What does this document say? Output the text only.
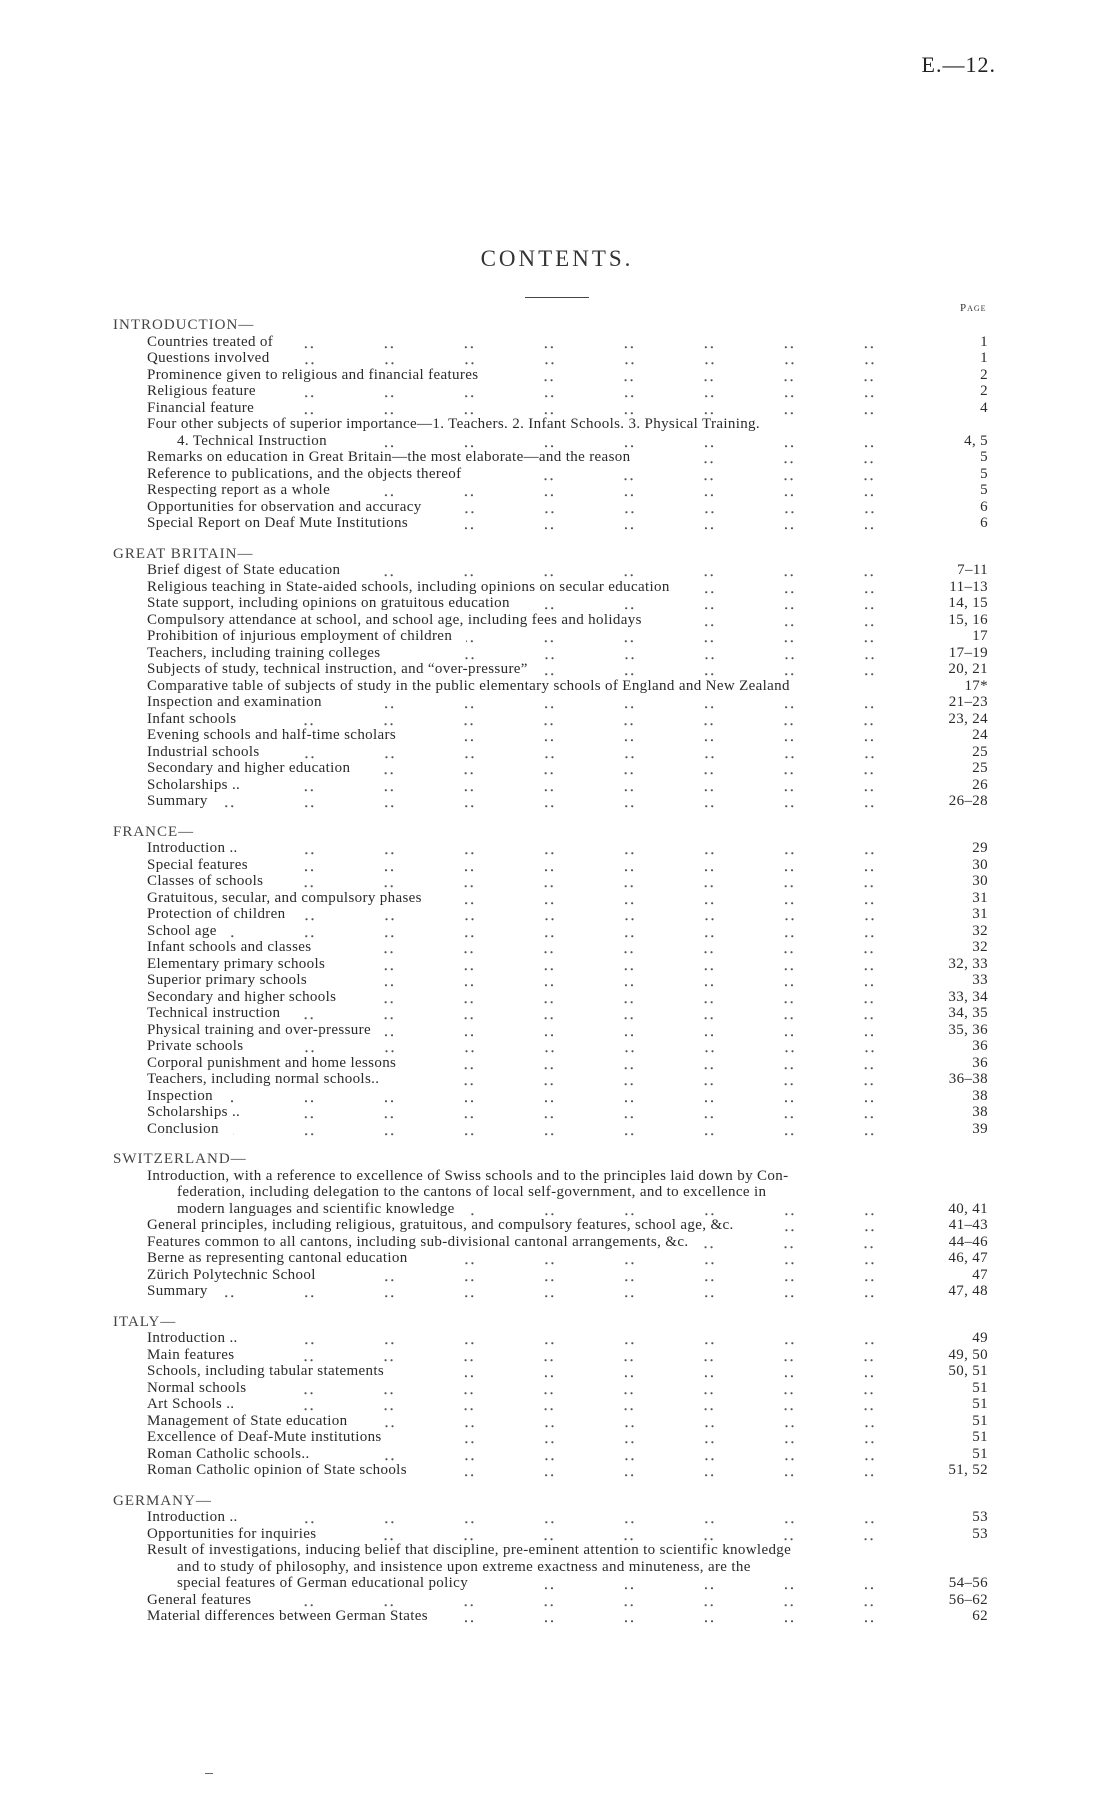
E.—12.
CONTENTS.
Page
INTRODUCTION—
Countries treated of	1
Questions involved	1
Prominence given to religious and financial features	2
Religious feature	2
Financial feature	4
Four other subjects of superior importance—1. Teachers. 2. Infant Schools. 3. Physical Training.
4. Technical Instruction	4, 5
Remarks on education in Great Britain—the most elaborate—and the reason	5
Reference to publications, and the objects thereof	5
Respecting report as a whole	5
Opportunities for observation and accuracy	6
Special Report on Deaf Mute Institutions	6
GREAT BRITAIN—
Brief digest of State education	7–11
Religious teaching in State-aided schools, including opinions on secular education	11–13
State support, including opinions on gratuitous education	14, 15
Compulsory attendance at school, and school age, including fees and holidays	15, 16
Prohibition of injurious employment of children	17
Teachers, including training colleges	17–19
Subjects of study, technical instruction, and “over-pressure”	20, 21
Comparative table of subjects of study in the public elementary schools of England and New Zealand	17*
Inspection and examination	21–23
Infant schools	23, 24
Evening schools and half-time scholars	24
Industrial schools	25
Secondary and higher education	25
Scholarships ..	26
Summary	26–28
FRANCE—
Introduction ..	29
Special features	30
Classes of schools	30
Gratuitous, secular, and compulsory phases	31
Protection of children	31
School age	32
Infant schools and classes	32
Elementary primary schools	32, 33
Superior primary schools	33
Secondary and higher schools	33, 34
Technical instruction	34, 35
Physical training and over-pressure	35, 36
Private schools	36
Corporal punishment and home lessons	36
Teachers, including normal schools..	36–38
Inspection	38
Scholarships ..	38
Conclusion	39
SWITZERLAND—
Introduction, with a reference to excellence of Swiss schools and to the principles laid down by Con-
federation, including delegation to the cantons of local self-government, and to excellence in
modern languages and scientific knowledge	40, 41
General principles, including religious, gratuitous, and compulsory features, school age, &c.	41–43
Features common to all cantons, including sub-divisional cantonal arrangements, &c.	44–46
Berne as representing cantonal education	46, 47
Zürich Polytechnic School	47
Summary	47, 48
ITALY—
Introduction ..	49
Main features	49, 50
Schools, including tabular statements	50, 51
Normal schools	51
Art Schools ..	51
Management of State education	51
Excellence of Deaf-Mute institutions	51
Roman Catholic schools..	51
Roman Catholic opinion of State schools	51, 52
GERMANY—
Introduction ..	53
Opportunities for inquiries	53
Result of investigations, inducing belief that discipline, pre-eminent attention to scientific knowledge
and to study of philosophy, and insistence upon extreme exactness and minuteness, are the
special features of German educational policy	54–56
General features	56–62
Material differences between German States	62
